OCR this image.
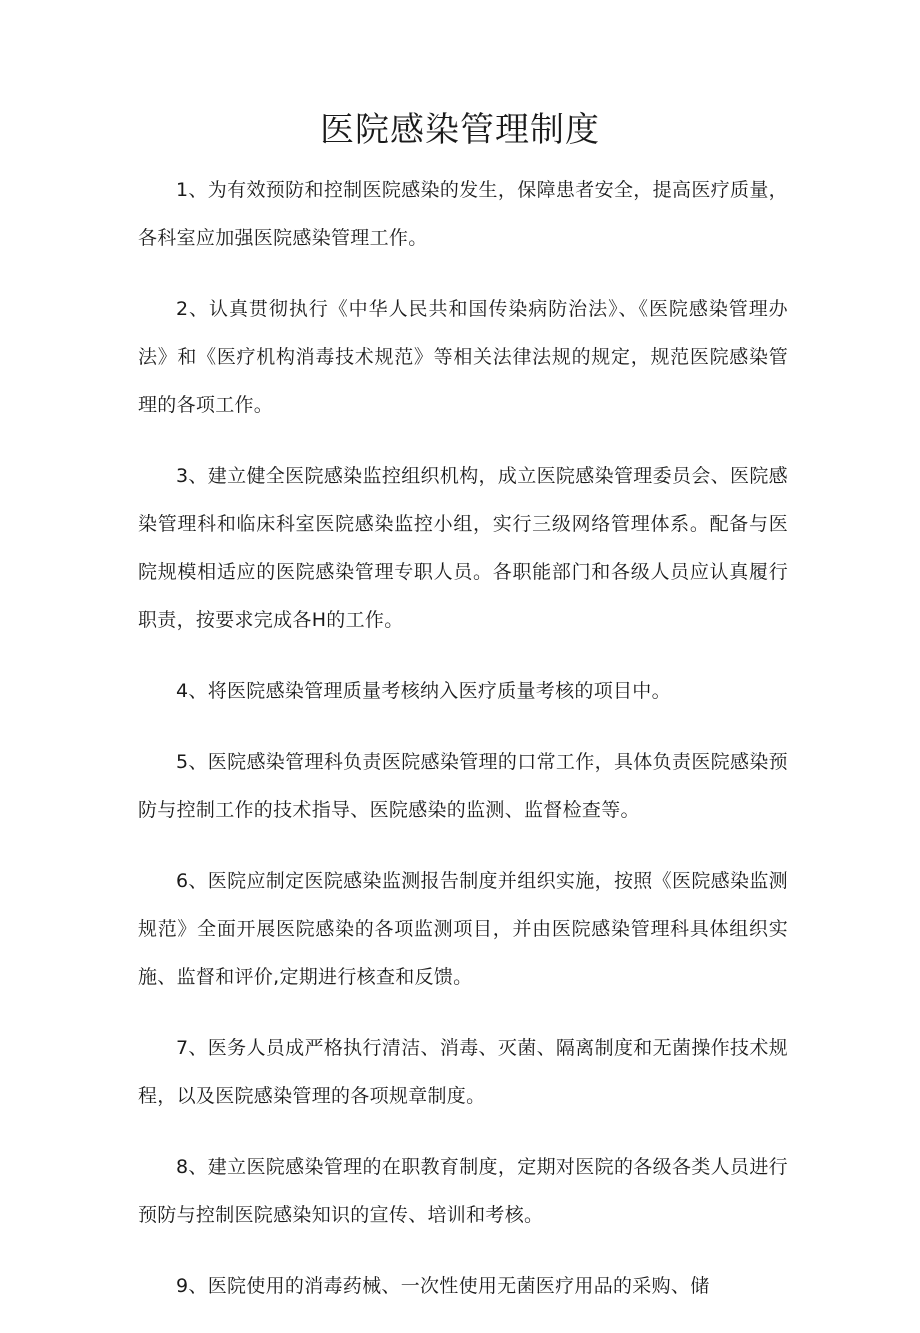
医院感染管理制度

1、为有效预防和控制医院感染的发生，保障患者安全，提高医疗质量，各科室应加强医院感染管理工作。

2、认真贯彻执行《中华人民共和国传染病防治法》、《医院感染管理办法》和《医疗机构消毒技术规范》等相关法律法规的规定，规范医院感染管理的各项工作。

3、建立健全医院感染监控组织机构，成立医院感染管理委员会、医院感染管理科和临床科室医院感染监控小组，实行三级网络管理体系。配备与医院规模相适应的医院感染管理专职人员。各职能部门和各级人员应认真履行职责，按要求完成各H的工作。

4、将医院感染管理质量考核纳入医疗质量考核的项目中。

5、医院感染管理科负责医院感染管理的口常工作，具体负责医院感染预防与控制工作的技术指导、医院感染的监测、监督检查等。

6、医院应制定医院感染监测报告制度并组织实施，按照《医院感染监测规范》全面开展医院感染的各项监测项目，并由医院感染管理科具体组织实施、监督和评价,定期进行核查和反馈。

7、医务人员成严格执行清洁、消毒、灭菌、隔离制度和无菌操作技术规程，以及医院感染管理的各项规章制度。

8、建立医院感染管理的在职教育制度，定期对医院的各级各类人员进行预防与控制医院感染知识的宣传、培训和考核。

9、医院使用的消毒药械、一次性使用无菌医疗用品的采购、储
